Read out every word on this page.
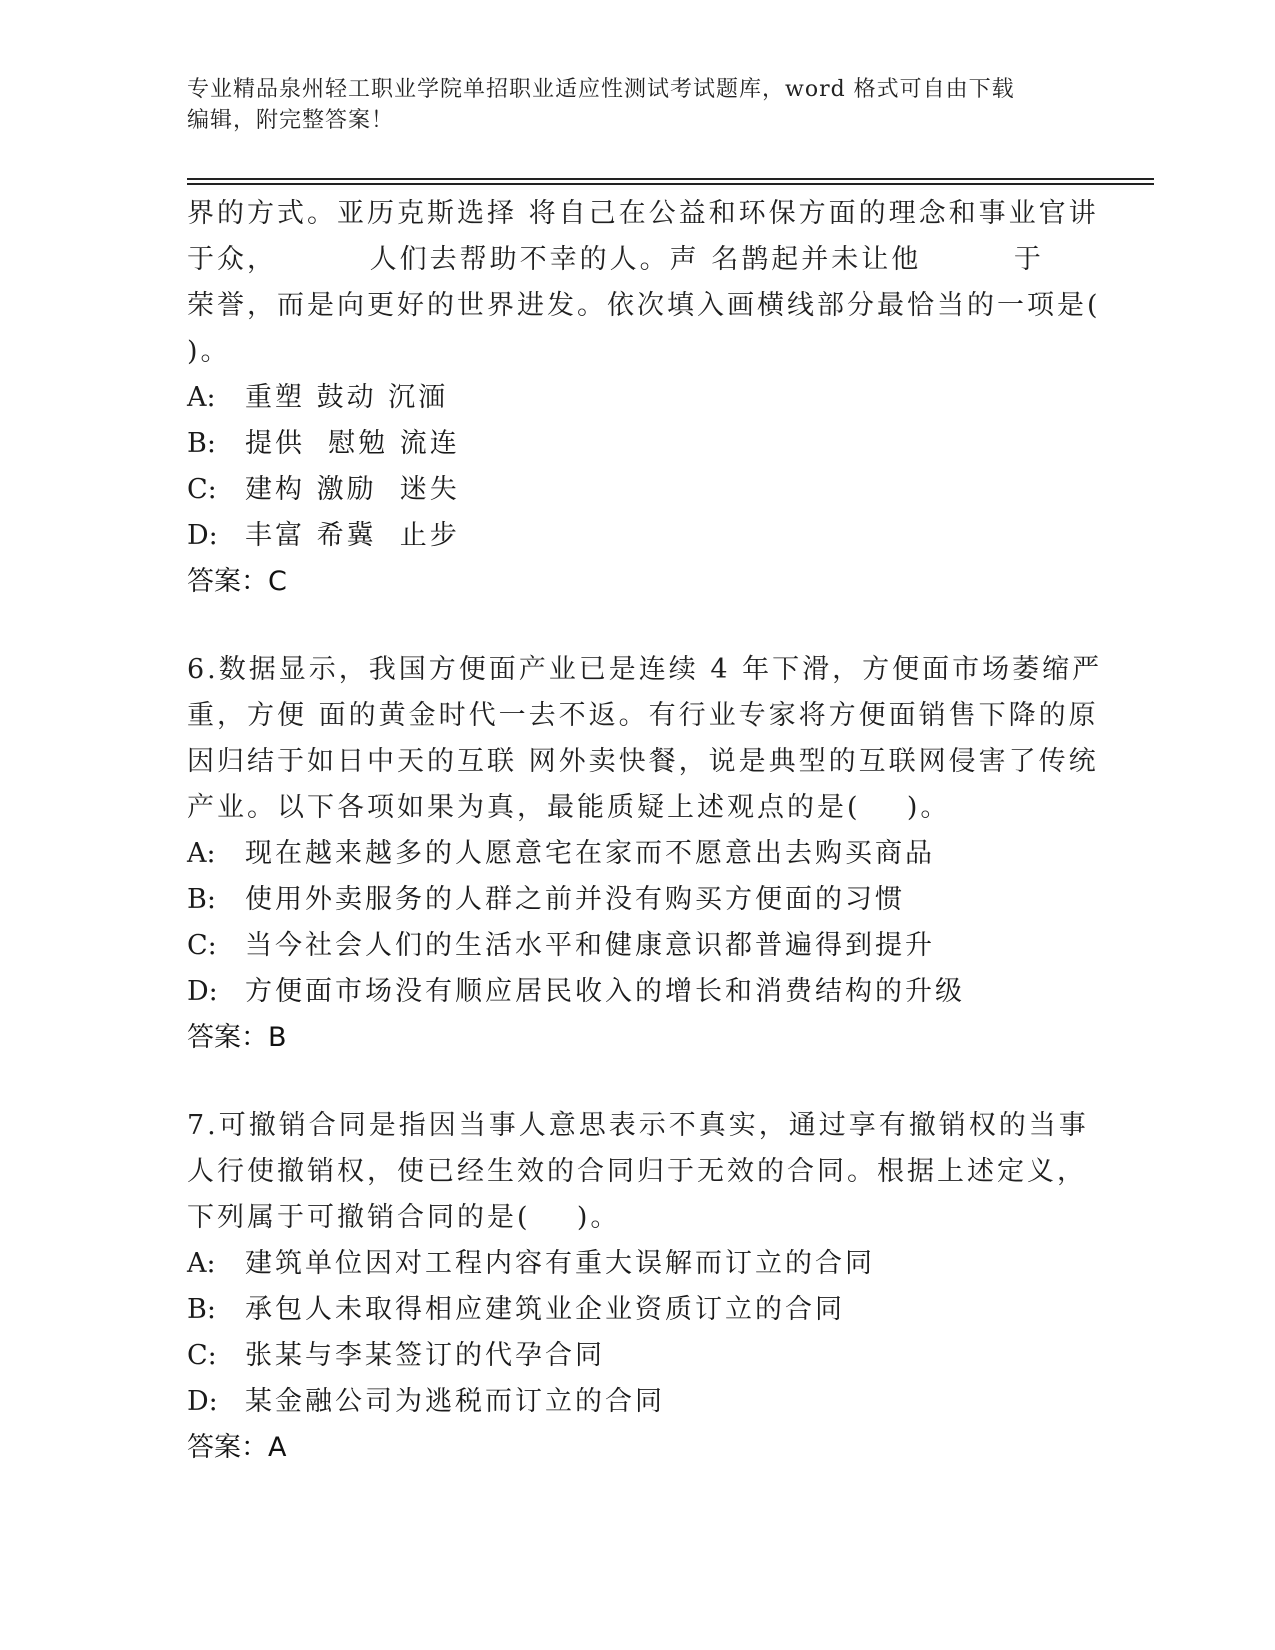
专业精品泉州轻工职业学院单招职业适应性测试考试题库，word 格式可自由下载
编辑，附完整答案！
界的方式。亚历克斯选择 将自己在公益和环保方面的理念和事业官讲
于众，        人们去帮助不幸的人。声 名鹊起并未让他        于
荣誉，而是向更好的世界进发。依次填入画横线部分最恰当的一项是(
)。
A:	重塑 鼓动 沉湎
B:	提供  慰勉 流连
C:	建构 激励  迷失
D:	丰富 希冀  止步
答案：C
6.数据显示，我国方便面产业已是连续 4 年下滑，方便面市场萎缩严
重，方便 面的黄金时代一去不返。有行业专家将方便面销售下降的原
因归结于如日中天的互联 网外卖快餐，说是典型的互联网侵害了传统
产业。以下各项如果为真，最能质疑上述观点的是(    )。
A:	现在越来越多的人愿意宅在家而不愿意出去购买商品
B:	使用外卖服务的人群之前并没有购买方便面的习惯
C:	当今社会人们的生活水平和健康意识都普遍得到提升
D:	方便面市场没有顺应居民收入的增长和消费结构的升级
答案：B
7.可撤销合同是指因当事人意思表示不真实，通过享有撤销权的当事
人行使撤销权，使已经生效的合同归于无效的合同。根据上述定义，
下列属于可撤销合同的是(    )。
A:	建筑单位因对工程内容有重大误解而订立的合同
B:	承包人未取得相应建筑业企业资质订立的合同
C:	张某与李某签订的代孕合同
D:	某金融公司为逃税而订立的合同
答案：A
